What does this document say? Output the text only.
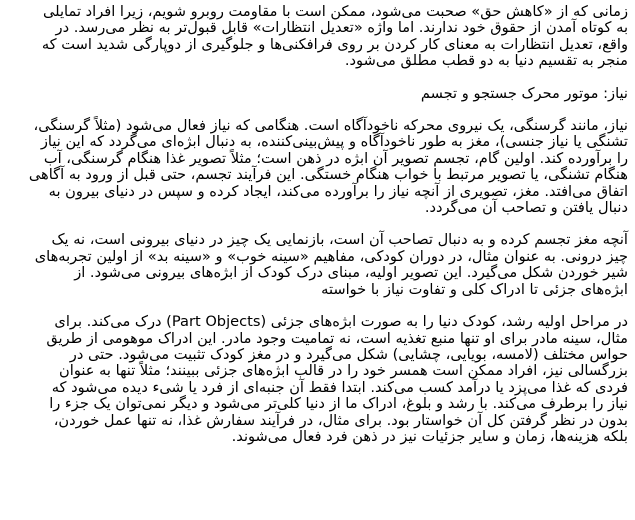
زمانی که از «کاهش حق» صحبت می‌شود، ممکن است با مقاومت روبرو شویم، زیرا افراد تمایلی به کوتاه آمدن از حقوق خود ندارند. اما واژه «تعدیل انتظارات» قابل قبول‌تر به نظر می‌رسد. در واقع، تعدیل انتظارات به معنای کار کردن بر روی فرافکنی‌ها و جلوگیری از دوپارگی شدید است که منجر به تقسیم دنیا به دو قطب مطلق می‌شود.

نیاز: موتور محرک جستجو و تجسم

نیاز، مانند گرسنگی، یک نیروی محرکه ناخودآگاه است. هنگامی که نیاز فعال می‌شود (مثلاً گرسنگی، تشنگی یا نیاز جنسی)، مغز به طور ناخودآگاه و پیش‌بینی‌کننده، به دنبال ابژه‌ای می‌گردد که این نیاز را برآورده کند. اولین گام، تجسم تصویر آن ابژه در ذهن است؛ مثلاً تصویر غذا هنگام گرسنگی، آب هنگام تشنگی، یا تصویر مرتبط با خواب هنگام خستگی. این فرآیند تجسم، حتی قبل از ورود به آگاهی اتفاق می‌افتد. مغز، تصویری از آنچه نیاز را برآورده می‌کند، ایجاد کرده و سپس در دنیای بیرون به دنبال یافتن و تصاحب آن می‌گردد.

آنچه مغز تجسم کرده و به دنبال تصاحب آن است، بازنمایی یک چیز در دنیای بیرونی است، نه یک چیز درونی. به عنوان مثال، در دوران کودکی، مفاهیم «سینه خوب» و «سینه بد» از اولین تجربه‌های شیر خوردن شکل می‌گیرد. این تصویر اولیه، مبنای درک کودک از ابژه‌های بیرونی می‌شود. از ابژه‌های جزئی تا ادراک کلی و تفاوت نیاز با خواسته

در مراحل اولیه رشد، کودک دنیا را به صورت ابژه‌های جزئی (Part Objects) درک می‌کند. برای مثال، سینه مادر برای او تنها منبع تغذیه است، نه تمامیت وجود مادر. این ادراک موهومی از طریق حواس مختلف (لامسه، بویایی، چشایی) شکل می‌گیرد و در مغز کودک تثبیت می‌شود. حتی در بزرگسالی نیز، افراد ممکن است همسر خود را در قالب ابژه‌های جزئی ببینند؛ مثلاً تنها به عنوان فردی که غذا می‌پزد یا درآمد کسب می‌کند. ابتدا فقط آن جنبه‌ای از فرد یا شیء دیده می‌شود که نیاز را برطرف می‌کند. با رشد و بلوغ، ادراک ما از دنیا کلی‌تر می‌شود و دیگر نمی‌توان یک جزء را بدون در نظر گرفتن کل آن خواستار بود. برای مثال، در فرآیند سفارش غذا، نه تنها عمل خوردن، بلکه هزینه‌ها، زمان و سایر جزئیات نیز در ذهن فرد فعال می‌شوند.
